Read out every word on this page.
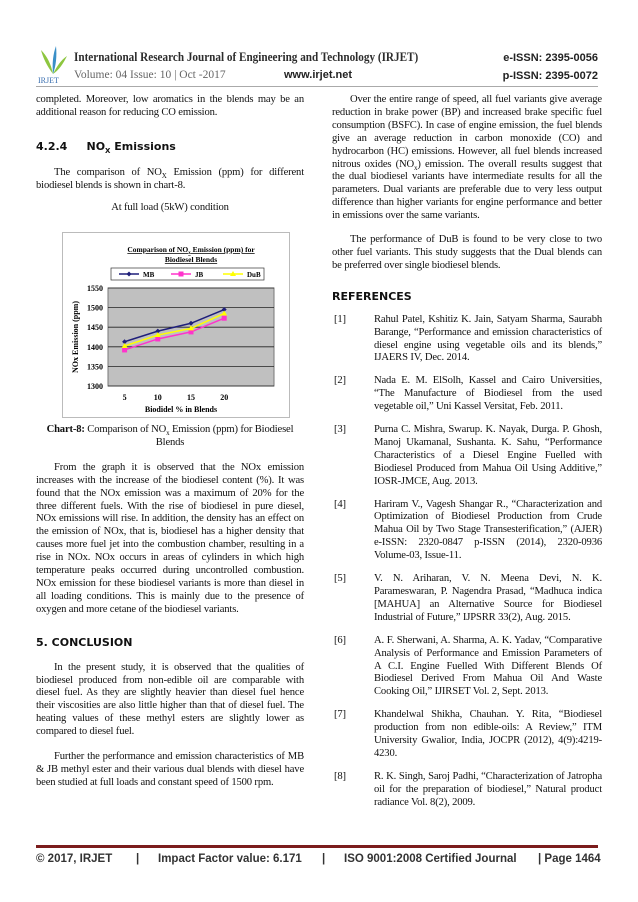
IRJET
International Research Journal of Engineering and Technology (IRJET)	e-ISSN: 2395-0056
Volume: 04 Issue: 10 | Oct -2017	www.irjet.net	p-ISSN: 2395-0072

completed. Moreover, low aromatics in the blends may be an additional reason for reducing CO emission.

4.2.4 $NO_X$ Emissions

The comparison of $NO_X$ Emission (ppm) for different biodiesel blends is shown in chart-8.

At full load (5kW) condition

1300
1350
1400
1450
1500
1550
5	10	15	20
Biodidel % in Blends
NOx Emission (ppm)
Comparison of $NO_x$ Emission (ppm) for
Biodiesel Blends
MB	JB	DuB

Chart-8: Comparison of $NO_x$ Emission (ppm) for Biodiesel Blends

From the graph it is observed that the NOx emission increases with the increase of the biodiesel content (%). It was found that the NOx emission was a maximum of 20% for the three different fuels. With the rise of biodiesel in pure diesel, NOx emissions will rise. In addition, the density has an effect on the emission of NOx, that is, biodiesel has a higher density that causes more fuel jet into the combustion chamber, resulting in a rise in NOx. NOx occurs in areas of cylinders in which high temperature peaks occurred during uncontrolled combustion. NOx emission for these biodiesel variants is more than diesel in all loading conditions. This is mainly due to the presence of oxygen and more cetane of the biodiesel variants.

5. CONCLUSION

In the present study, it is observed that the qualities of biodiesel produced from non-edible oil are comparable with diesel fuel. As they are slightly heavier than diesel fuel hence their viscosities are also little higher than that of diesel fuel. The heating values of these methyl esters are slightly lower as compared to diesel fuel.

Further the performance and emission characteristics of MB & JB methyl ester and their various dual blends with diesel have been studied at full loads and constant speed of 1500 rpm.

Over the entire range of speed, all fuel variants give average reduction in brake power (BP) and increased brake specific fuel consumption (BSFC). In case of engine emission, the fuel blends give an average reduction in carbon monoxide (CO) and hydrocarbon (HC) emissions. However, all fuel blends increased nitrous oxides $(NO_x)$ emission. The overall results suggest that the dual biodiesel variants have intermediate results for all the parameters. Dual variants are preferable due to very less output difference than higher variants for engine performance and better in emissions over the same variants.

The performance of DuB is found to be very close to two other fuel variants. This study suggests that the Dual blends can be preferred over single biodiesel blends.

REFERENCES

[1]	Rahul Patel, Kshitiz K. Jain, Satyam Sharma, Saurabh Barange, “Performance and emission characteristics of diesel engine using vegetable oils and its blends,” IJAERS IV, Dec. 2014.
[2]	Nada E. M. ElSolh, Kassel and Cairo Universities, “The Manufacture of Biodiesel from the used vegetable oil,” Uni Kassel Versitat, Feb. 2011.
[3]	Purna C. Mishra, Swarup. K. Nayak, Durga. P. Ghosh, Manoj Ukamanal, Sushanta. K. Sahu, “Performance Characteristics of a Diesel Engine Fuelled with Biodiesel Produced from Mahua Oil Using Additive,” IOSR-JMCE, Aug. 2013.
[4]	Hariram V., Vagesh Shangar R., “Characterization and Optimization of Biodiesel Production from Crude Mahua Oil by Two Stage Transesterification,” (AJER) e-ISSN: 2320-0847 p-ISSN (2014), 2320-0936 Volume-03, Issue-11.
[5]	V. N. Ariharan, V. N. Meena Devi, N. K. Parameswaran, P. Nagendra Prasad, “Madhuca indica [MAHUA] an Alternative Source for Biodiesel Industrial of Future,” IJPSRR 33(2), Aug. 2015.
[6]	A. F. Sherwani, A. Sharma, A. K. Yadav, “Comparative Analysis of Performance and Emission Parameters of A C.I. Engine Fuelled With Different Blends Of Biodiesel Derived From Mahua Oil And Waste Cooking Oil,” IJIRSET Vol. 2, Sept. 2013.
[7]	Khandelwal Shikha, Chauhan. Y. Rita, “Biodiesel production from non edible-oils: A Review,” ITM University Gwalior, India, JOCPR (2012), 4(9):4219-4230.
[8]	R. K. Singh, Saroj Padhi, “Characterization of Jatropha oil for the preparation of biodiesel,” Natural product radiance Vol. 8(2), 2009.
© 2017, IRJET | Impact Factor value: 6.171 | ISO 9001:2008 Certified Journal | Page 1464
